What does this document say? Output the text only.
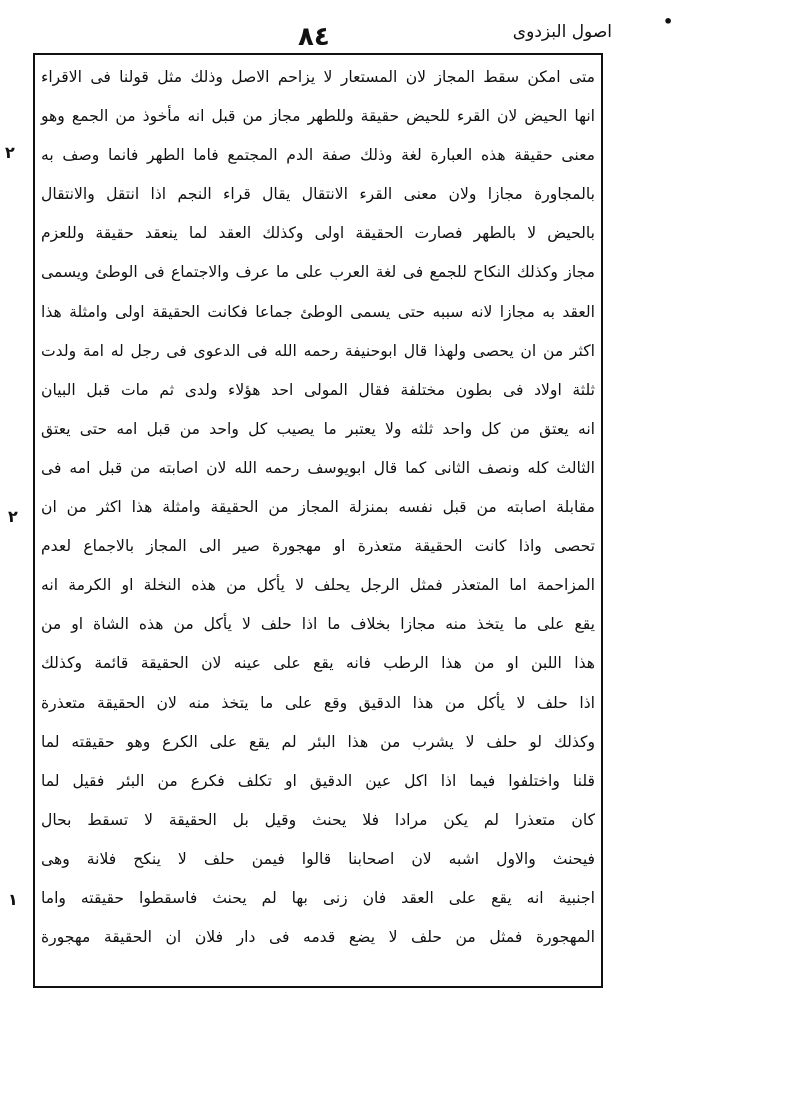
اصول البزدوى
٨٤
•
٢
٢
١
متى امكن سقط المجاز لان المستعار لا يزاحم الاصل وذلك مثل قولنا فى الاقراء
انها الحيض لان القرء للحيض حقيقة وللطهر مجاز من قبل انه مأخوذ من الجمع وهو
معنى حقيقة هذه العبارة لغة وذلك صفة الدم المجتمع فاما الطهر فانما وصف به
بالمجاورة مجازا ولان معنى القرء الانتقال يقال قراء النجم اذا انتقل والانتقال
بالحيض لا بالطهر فصارت الحقيقة اولى وكذلك العقد لما ينعقد حقيقة وللعزم
مجاز وكذلك النكاح للجمع فى لغة العرب على ما عرف والاجتماع فى الوطئ ويسمى
العقد به مجازا لانه سببه حتى يسمى الوطئ جماعا فكانت الحقيقة اولى وامثلة هذا
اكثر من ان يحصى ولهذا قال ابوحنيفة رحمه الله فى الدعوى فى رجل له امة ولدت
ثلثة اولاد فى بطون مختلفة فقال المولى احد هؤلاء ولدى ثم مات قبل البيان
انه يعتق من كل واحد ثلثه ولا يعتبر ما يصيب كل واحد من قبل امه حتى يعتق
الثالث كله ونصف الثانى كما قال ابويوسف رحمه الله لان اصابته من قبل امه فى
مقابلة اصابته من قبل نفسه بمنزلة المجاز من الحقيقة وامثلة هذا اكثر من ان
تحصى واذا كانت الحقيقة متعذرة او مهجورة صير الى المجاز بالاجماع لعدم
المزاحمة اما المتعذر فمثل الرجل يحلف لا يأكل من هذه النخلة او الكرمة انه
يقع على ما يتخذ منه مجازا بخلاف ما اذا حلف لا يأكل من هذه الشاة او من
هذا اللبن او من هذا الرطب فانه يقع على عينه لان الحقيقة قائمة وكذلك
اذا حلف لا يأكل من هذا الدقيق وقع على ما يتخذ منه لان الحقيقة متعذرة
وكذلك لو حلف لا يشرب من هذا البئر لم يقع على الكرع وهو حقيقته لما
قلنا واختلفوا فيما اذا اكل عين الدقيق او تكلف فكرع من البئر فقيل لما
كان متعذرا لم يكن مرادا فلا يحنث وقيل بل الحقيقة لا تسقط بحال
فيحنث والاول اشبه لان اصحابنا قالوا فيمن حلف لا ينكح فلانة وهى
اجنبية انه يقع على العقد فان زنى بها لم يحنث فاسقطوا حقيقته واما
المهجورة فمثل من حلف لا يضع قدمه فى دار فلان ان الحقيقة مهجورة
